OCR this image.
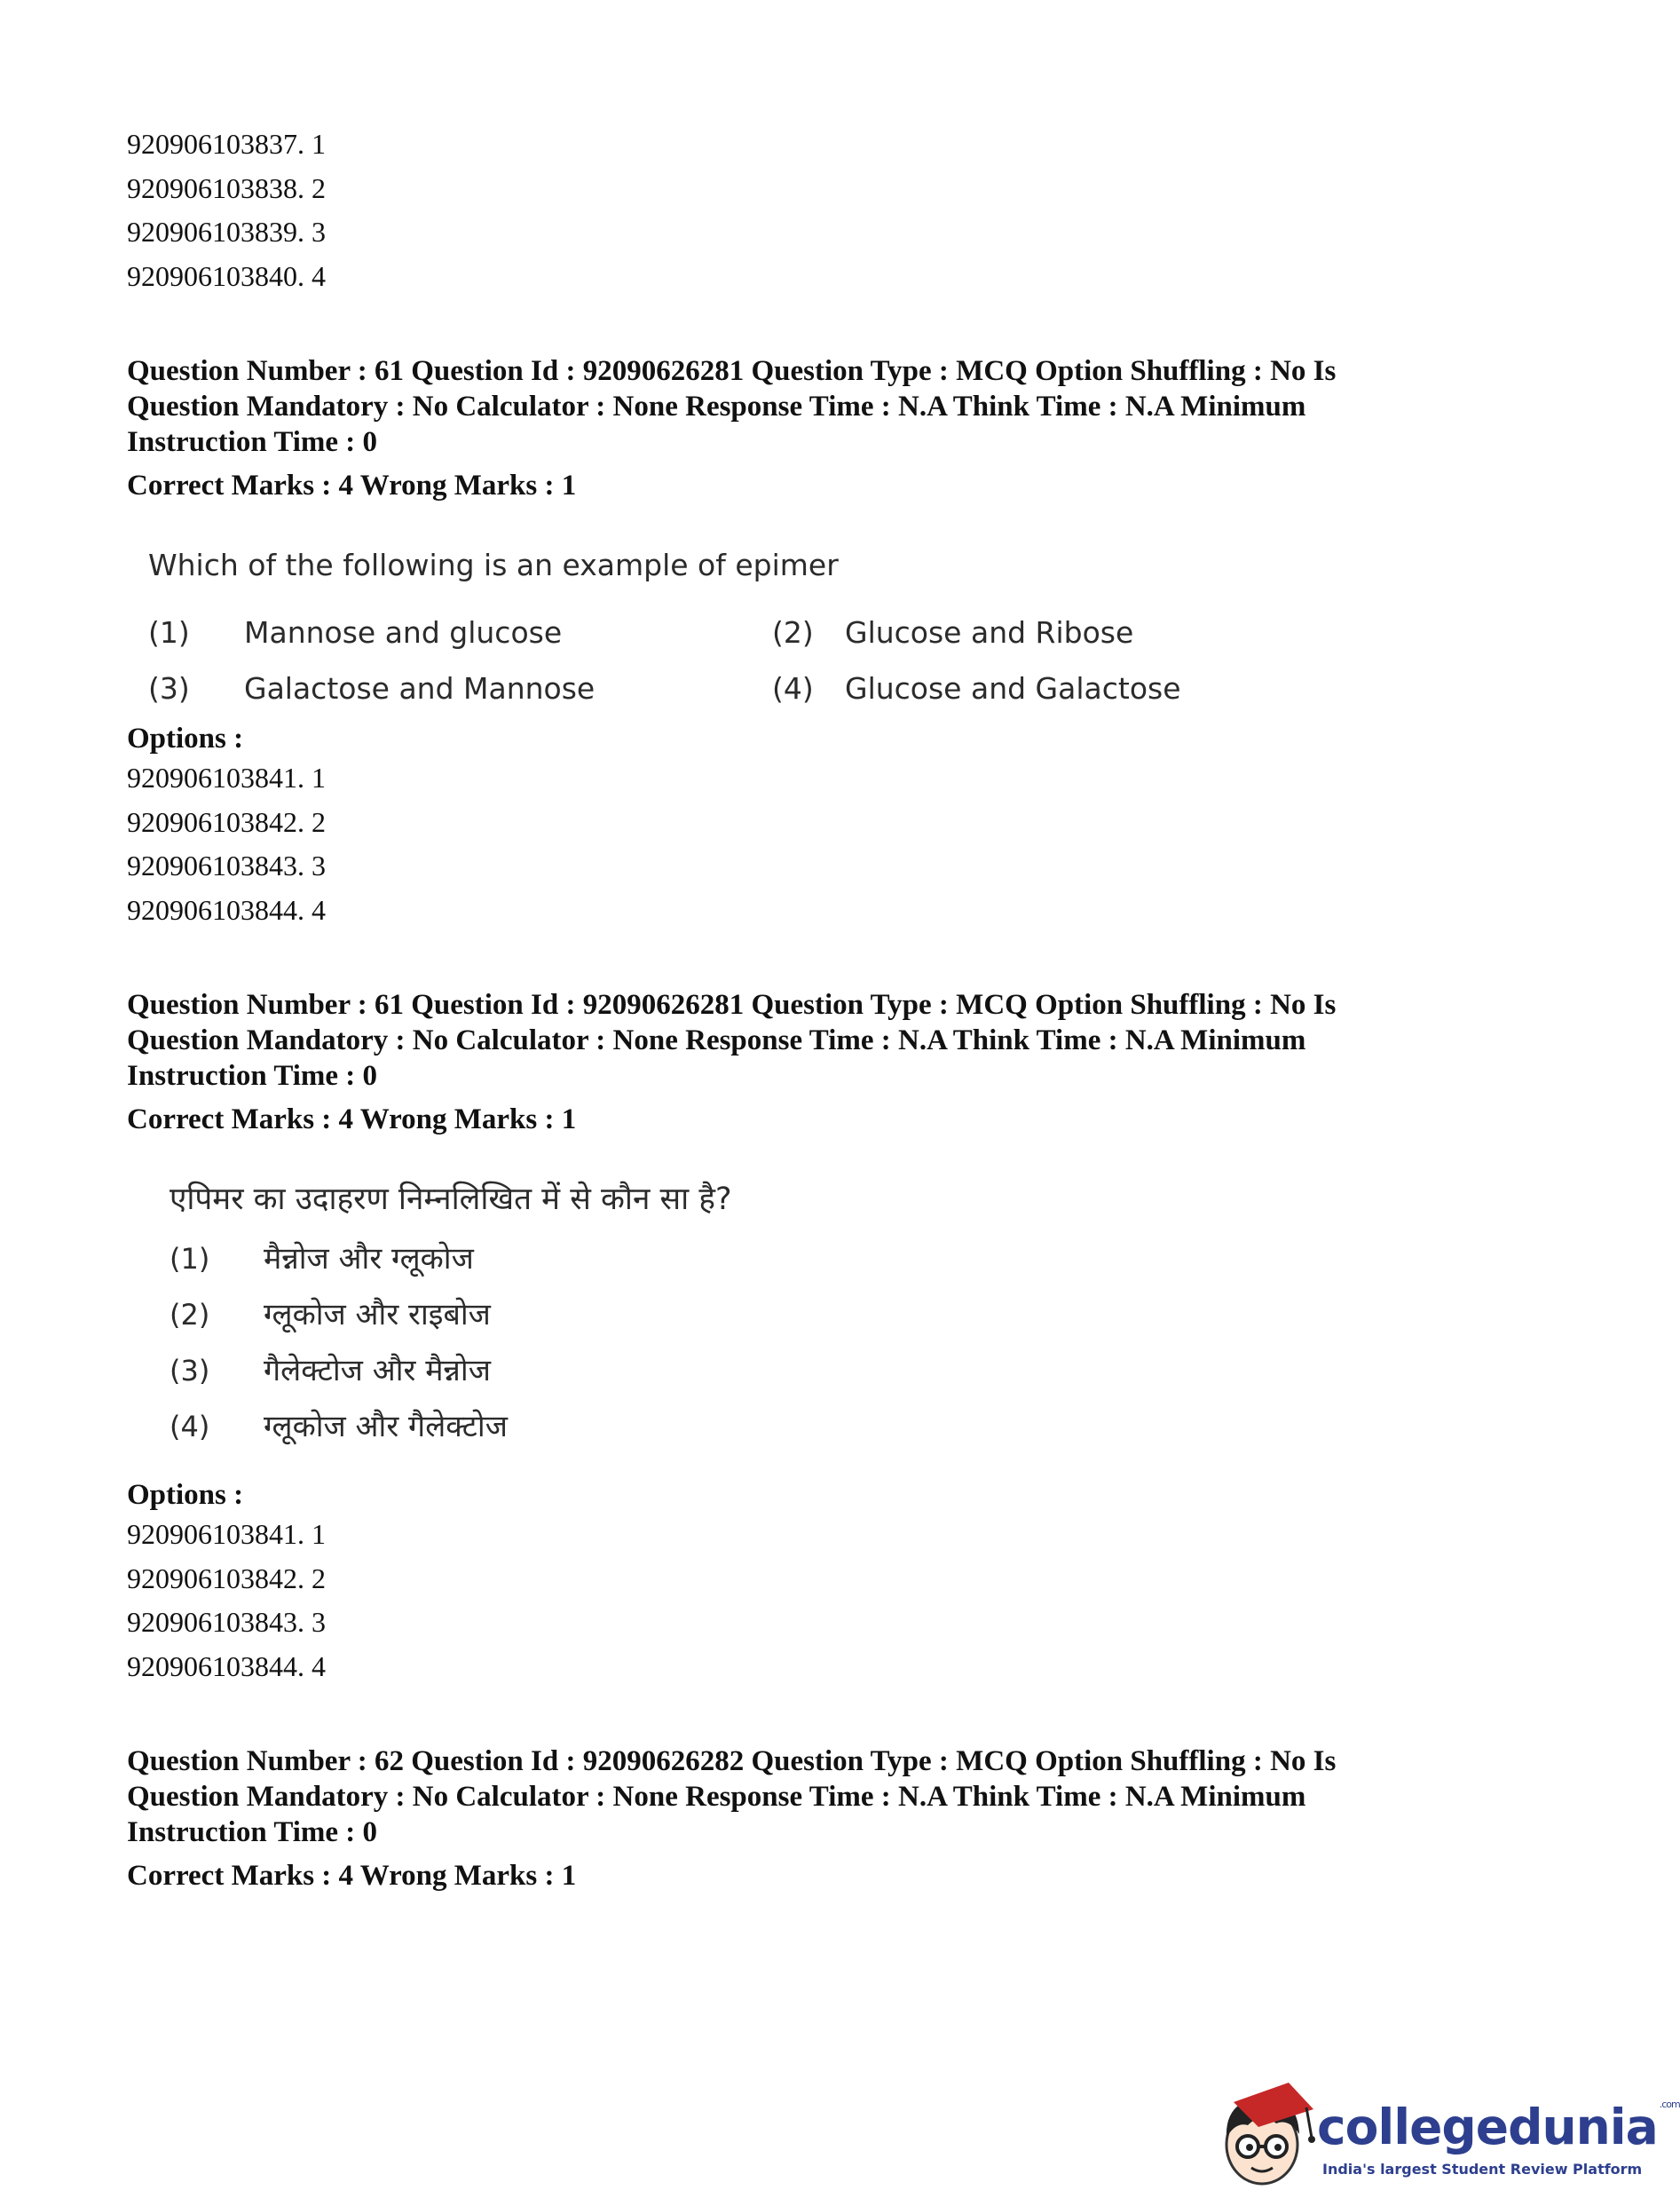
920906103837. 1
920906103838. 2
920906103839. 3
920906103840. 4
Question Number : 61 Question Id : 92090626281 Question Type : MCQ Option Shuffling : No Is
Question Mandatory : No Calculator : None Response Time : N.A Think Time : N.A Minimum
Instruction Time : 0
Correct Marks : 4 Wrong Marks : 1
Which of the following is an example of epimer
(1) Mannose and glucose	(2) Glucose and Ribose
(3) Galactose and Mannose	(4) Glucose and Galactose
Options :
920906103841. 1
920906103842. 2
920906103843. 3
920906103844. 4
Question Number : 61 Question Id : 92090626281 Question Type : MCQ Option Shuffling : No Is
Question Mandatory : No Calculator : None Response Time : N.A Think Time : N.A Minimum
Instruction Time : 0
Correct Marks : 4 Wrong Marks : 1
एपिमर का उदाहरण निम्नलिखित में से कौन सा है?
(1) मैन्नोज और ग्लूकोज
(2) ग्लूकोज और राइबोज
(3) गैलेक्टोज और मैन्नोज
(4) ग्लूकोज और गैलेक्टोज
Options :
920906103841. 1
920906103842. 2
920906103843. 3
920906103844. 4
Question Number : 62 Question Id : 92090626282 Question Type : MCQ Option Shuffling : No Is
Question Mandatory : No Calculator : None Response Time : N.A Think Time : N.A Minimum
Instruction Time : 0
Correct Marks : 4 Wrong Marks : 1
collegedunia $^{.com}$
India's largest Student Review Platform
